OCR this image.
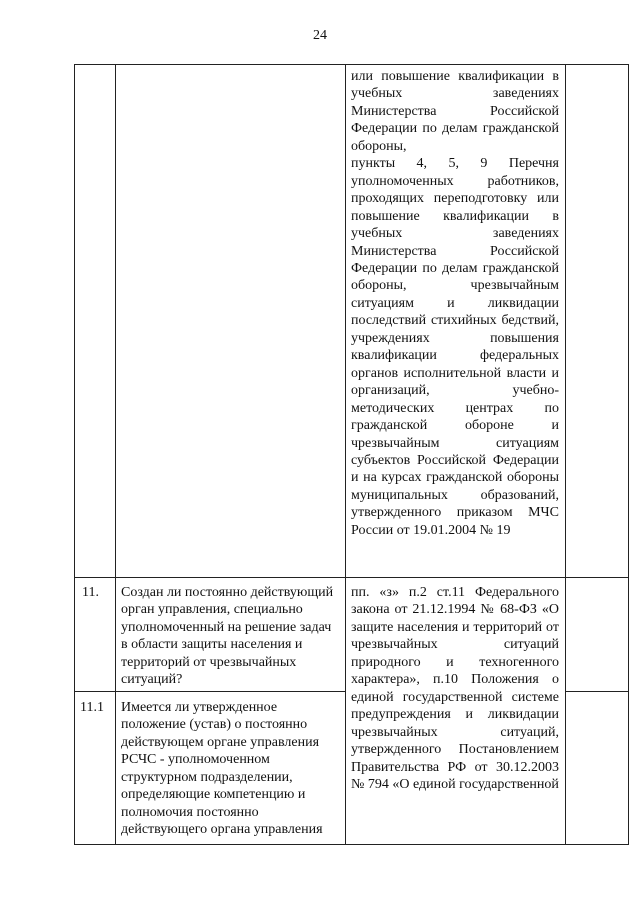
24

или повышение квалификации в учебных заведениях Министерства Российской Федерации по делам гражданской обороны,

пункты 4, 5, 9 Перечня уполномоченных работников, проходящих переподготовку или повышение квалификации в учебных заведениях Министерства Российской Федерации по делам гражданской обороны, чрезвычайным ситуациям и ликвидации последствий стихийных бедствий, учреждениях повышения квалификации федеральных органов исполнительной власти и организаций, учебно-методических центрах по гражданской обороне и чрезвычайным ситуациям субъектов Российской Федерации и на курсах гражданской обороны муниципальных образований, утвержденного приказом МЧС России от 19.01.2004 № 19

11. Создан ли постоянно действующий орган управления, специально уполномоченный на решение задач в области защиты населения и территорий от чрезвычайных ситуаций?
11.1 Имеется ли утвержденное положение (устав) о постоянно действующем органе управления РСЧС - уполномоченном структурном подразделении, определяющие компетенцию и полномочия постоянно действующего органа управления
пп. «з» п.2 ст.11 Федерального закона от 21.12.1994 № 68-ФЗ «О защите населения и территорий от чрезвычайных ситуаций природного и техногенного характера», п.10 Положения о единой государственной системе предупреждения и ликвидации чрезвычайных ситуаций, утвержденного Постановлением Правительства РФ от 30.12.2003 № 794 «О единой государственной
